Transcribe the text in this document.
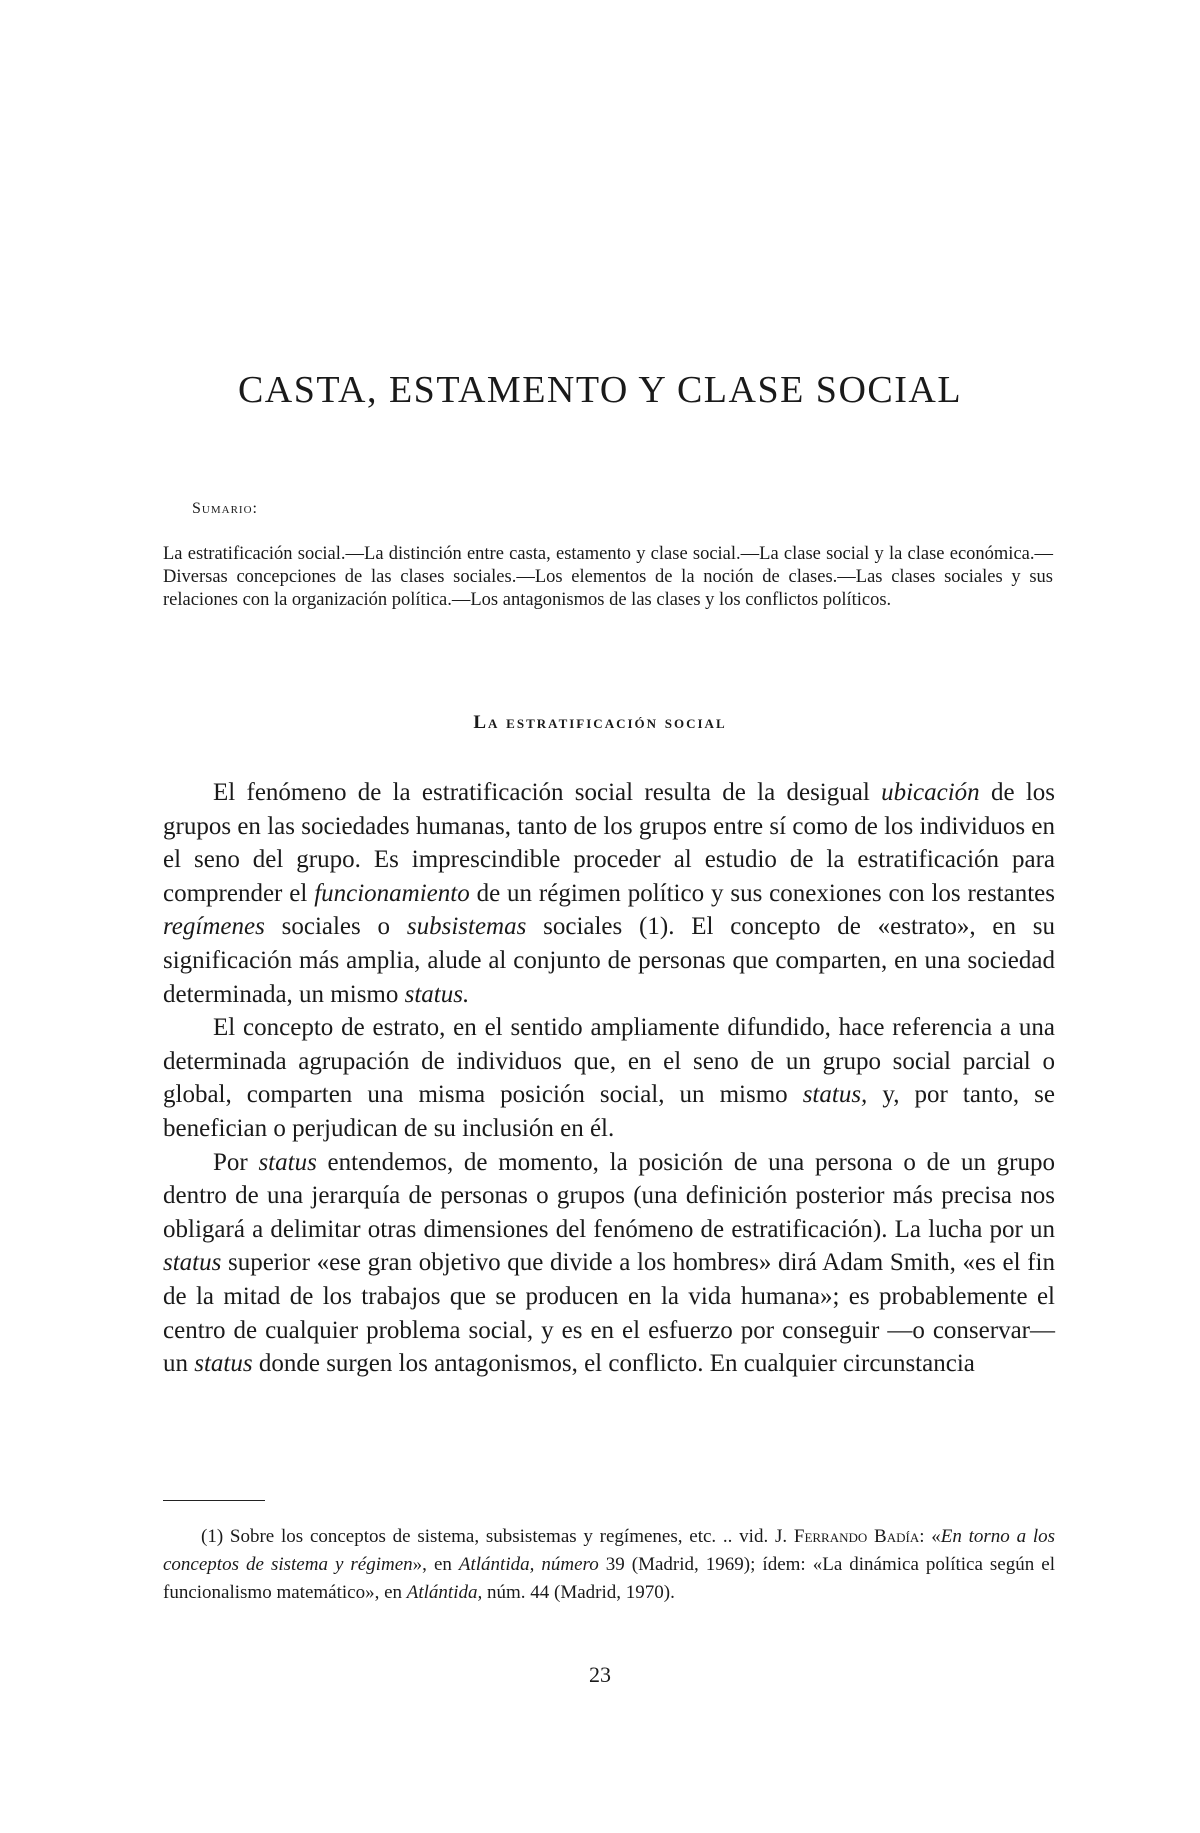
CASTA, ESTAMENTO Y CLASE SOCIAL

Sumario:

La estratificación social.—La distinción entre casta, estamento y clase social.—La clase social y la clase económica.—Diversas concepciones de las clases sociales.—Los elementos de la noción de clases.—Las clases sociales y sus relaciones con la organización política.—Los antagonismos de las clases y los conflictos políticos.

La estratificación social

El fenómeno de la estratificación social resulta de la desigual ubicación de los grupos en las sociedades humanas, tanto de los grupos entre sí como de los individuos en el seno del grupo. Es imprescindible proceder al estudio de la estratificación para comprender el funcionamiento de un régimen político y sus conexiones con los restantes regímenes sociales o subsistemas sociales (1). El concepto de «estrato», en su significación más amplia, alude al conjunto de personas que comparten, en una sociedad determinada, un mismo status.

El concepto de estrato, en el sentido ampliamente difundido, hace referencia a una determinada agrupación de individuos que, en el seno de un grupo social parcial o global, comparten una misma posición social, un mismo status, y, por tanto, se benefician o perjudican de su inclusión en él.

Por status entendemos, de momento, la posición de una persona o de un grupo dentro de una jerarquía de personas o grupos (una definición posterior más precisa nos obligará a delimitar otras dimensiones del fenómeno de estratificación). La lucha por un status superior «ese gran objetivo que divide a los hombres» dirá Adam Smith, «es el fin de la mitad de los trabajos que se producen en la vida humana»; es probablemente el centro de cualquier problema social, y es en el esfuerzo por conseguir —o conservar— un status donde surgen los antagonismos, el conflicto. En cualquier circunstancia

(1) Sobre los conceptos de sistema, subsistemas y regímenes, etc. .. vid. J. Ferrando Badía: «En torno a los conceptos de sistema y régimen», en Atlántida, número 39 (Madrid, 1969); ídem: «La dinámica política según el funcionalismo matemático», en Atlántida, núm. 44 (Madrid, 1970).

23
